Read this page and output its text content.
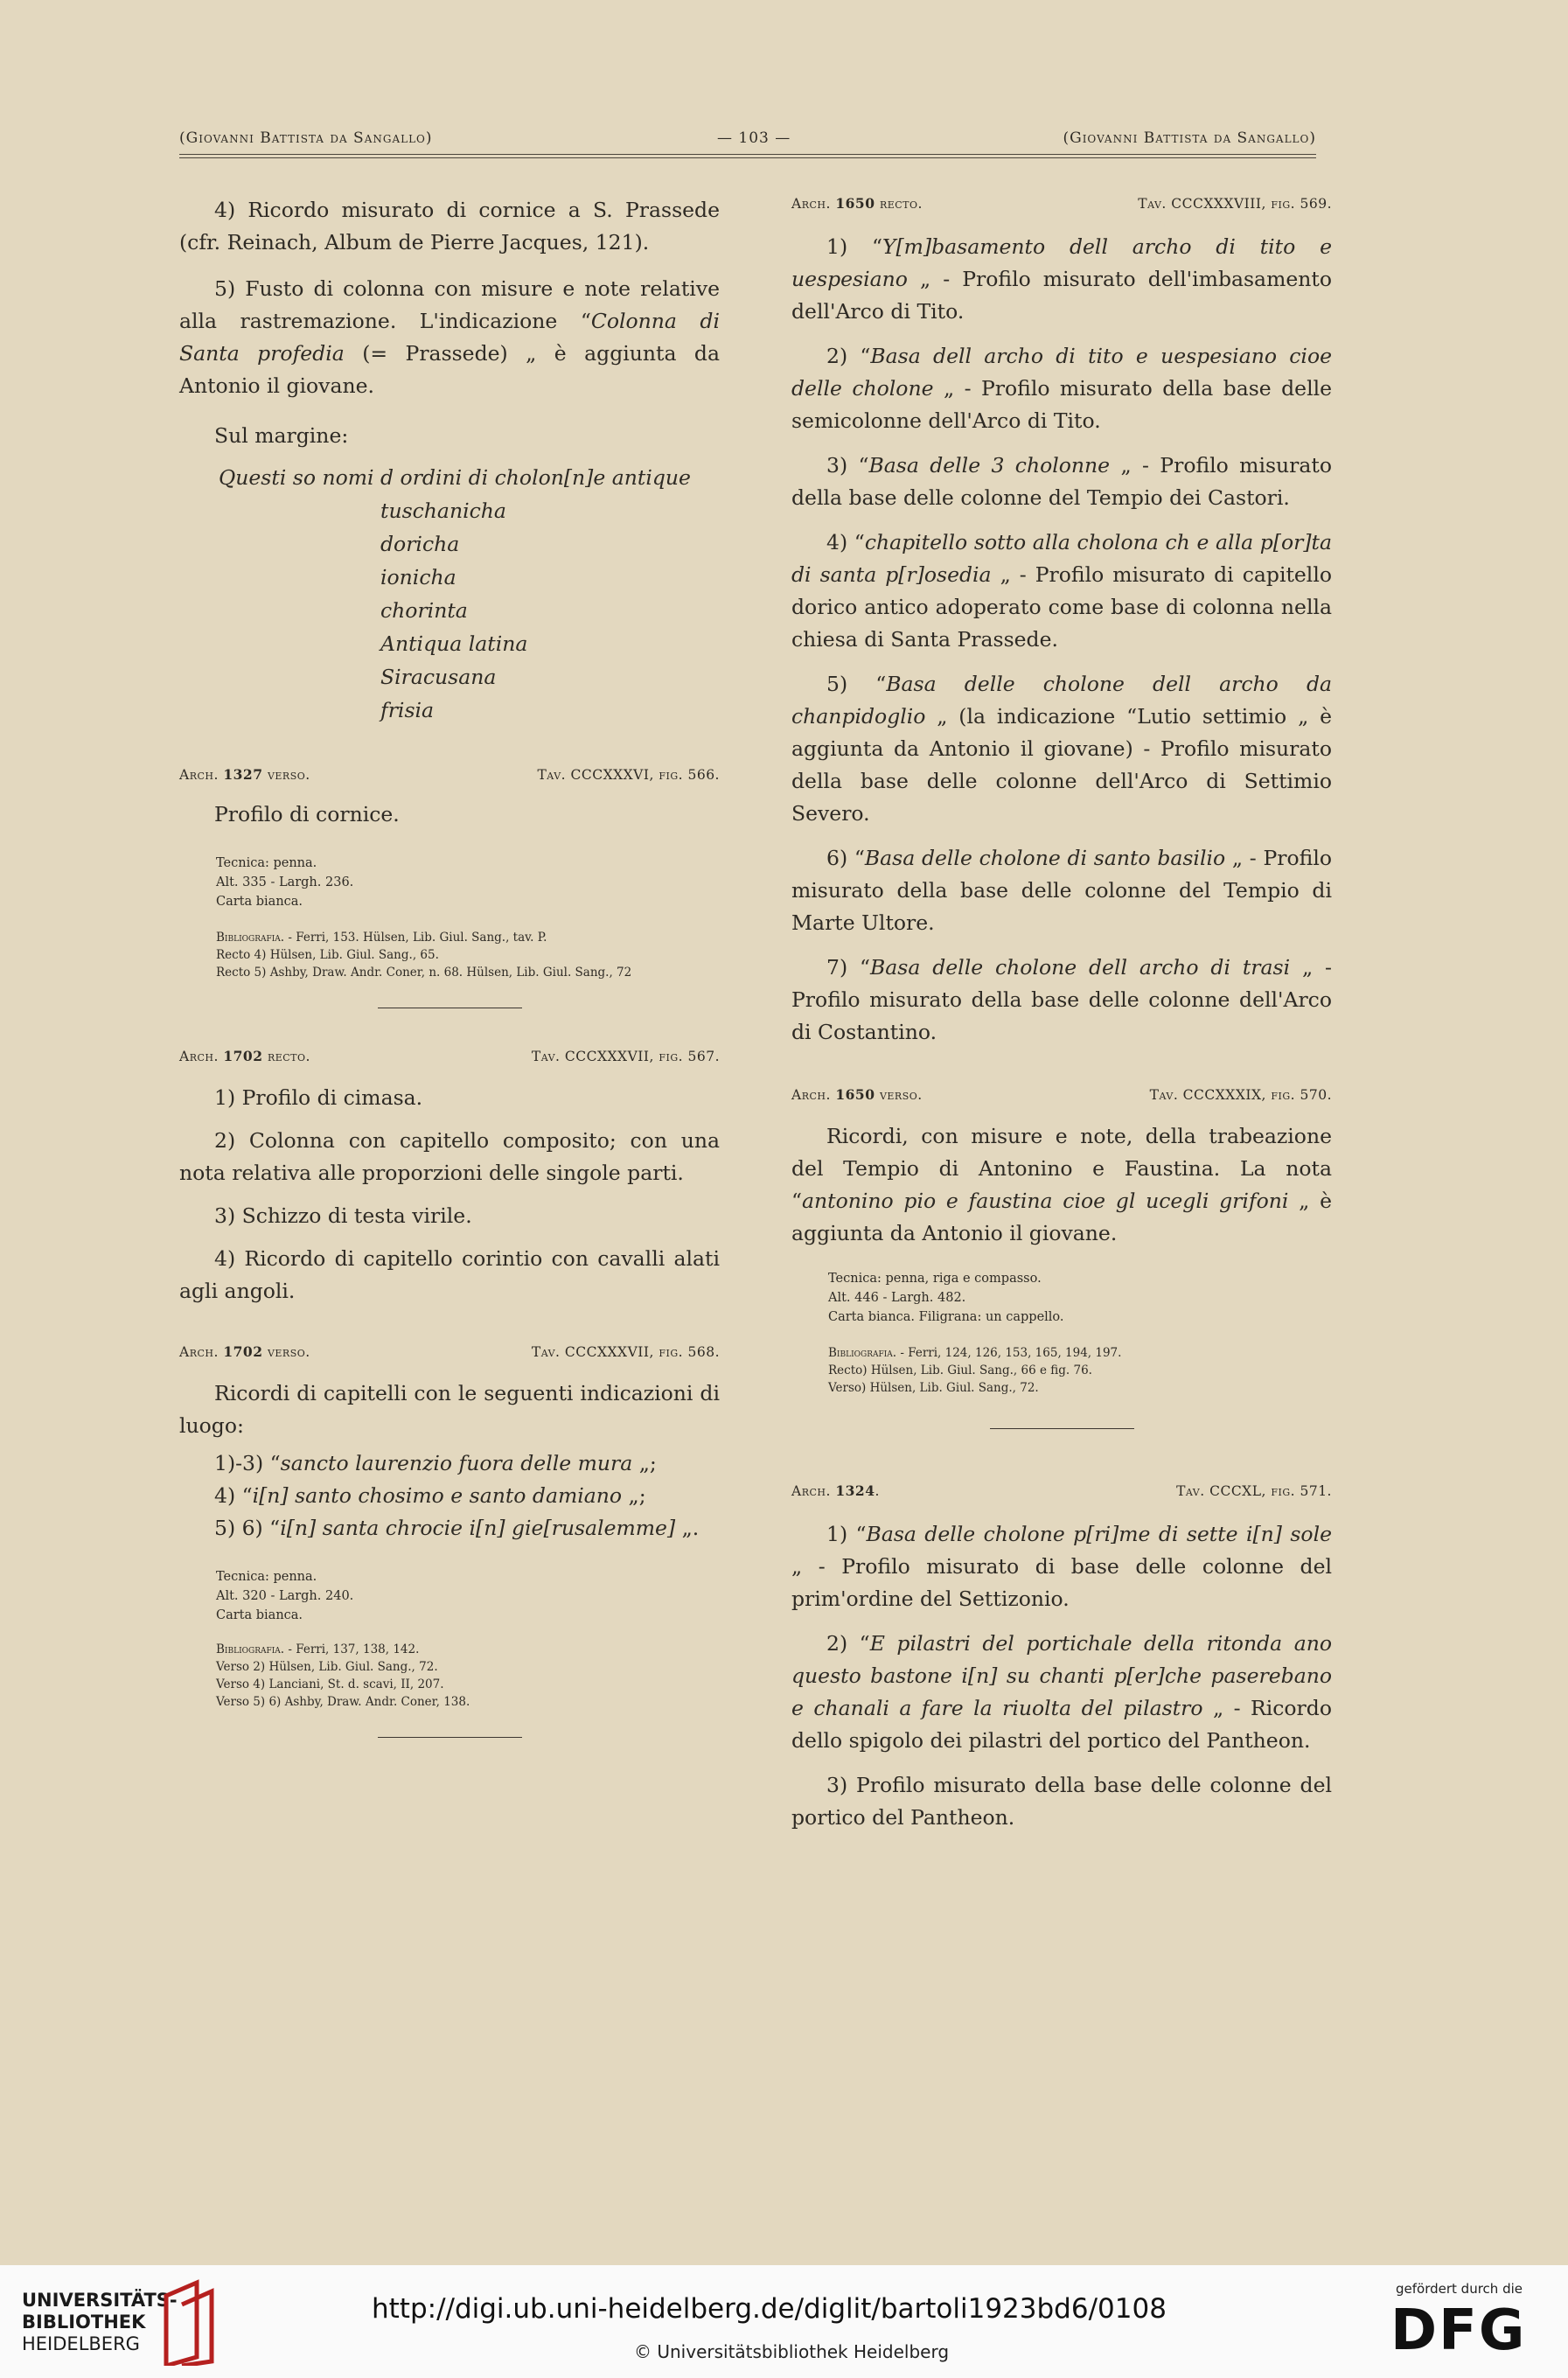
(Giovanni Battista da Sangallo)	— 103 —	(Giovanni Battista da Sangallo)

4) Ricordo misurato di cornice a S. Prassede (cfr. Reinach, Album de Pierre Jacques, 121).

5) Fusto di colonna con misure e note relative alla rastremazione. L'indicazione “Colonna di Santa profedia (= Prassede) „ è aggiunta da Antonio il giovane.

Sul margine:

Questi so nomi d ordini di cholon[n]e antique

tuschanicha

doricha

ionicha

chorinta

Antiqua latina

Siracusana

frisia

Arch. 1327 verso.	Tav. CCCXXXVI, fig. 566.

Profilo di cornice.

Tecnica: penna.

Alt. 335 - Largh. 236.

Carta bianca.

Bibliografia. - Ferri, 153. Hülsen, Lib. Giul. Sang., tav. P.

Recto 4) Hülsen, Lib. Giul. Sang., 65.

Recto 5) Ashby, Draw. Andr. Coner, n. 68. Hülsen, Lib. Giul. Sang., 72

Arch. 1702 recto.	Tav. CCCXXXVII, fig. 567.

1) Profilo di cimasa.

2) Colonna con capitello composito; con una nota relativa alle proporzioni delle singole parti.

3) Schizzo di testa virile.

4) Ricordo di capitello corintio con cavalli alati agli angoli.

Arch. 1702 verso.	Tav. CCCXXXVII, fig. 568.

Ricordi di capitelli con le seguenti indicazioni di luogo:

1)-3) “sancto laurenzio fuora delle mura „;

4) “i[n] santo chosimo e santo damiano „;

5) 6) “i[n] santa chrocie i[n] gie[rusalemme] „.

Tecnica: penna.

Alt. 320 - Largh. 240.

Carta bianca.

Bibliografia. - Ferri, 137, 138, 142.

Verso 2) Hülsen, Lib. Giul. Sang., 72.

Verso 4) Lanciani, St. d. scavi, II, 207.

Verso 5) 6) Ashby, Draw. Andr. Coner, 138.

Arch. 1650 recto.	Tav. CCCXXXVIII, fig. 569.

1) “Y[m]basamento dell archo di tito e uespesiano „ - Profilo misurato dell'imbasamento dell'Arco di Tito.

2) “Basa dell archo di tito e uespesiano cioe delle cholone „ - Profilo misurato della base delle semicolonne dell'Arco di Tito.

3) “Basa delle 3 cholonne „ - Profilo misurato della base delle colonne del Tempio dei Castori.

4) “chapitello sotto alla cholona ch e alla p[or]ta di santa p[r]osedia „ - Profilo misurato di capitello dorico antico adoperato come base di colonna nella chiesa di Santa Prassede.

5) “Basa delle cholone dell archo da chanpidoglio „ (la indicazione “Lutio settimio „ è aggiunta da Antonio il giovane) - Profilo misurato della base delle colonne dell'Arco di Settimio Severo.

6) “Basa delle cholone di santo basilio „ - Profilo misurato della base delle colonne del Tempio di Marte Ultore.

7) “Basa delle cholone dell archo di trasi „ - Profilo misurato della base delle colonne dell'Arco di Costantino.

Arch. 1650 verso.	Tav. CCCXXXIX, fig. 570.

Ricordi, con misure e note, della trabeazione del Tempio di Antonino e Faustina. La nota “antonino pio e faustina cioe gl ucegli grifoni „ è aggiunta da Antonio il giovane.

Tecnica: penna, riga e compasso.

Alt. 446 - Largh. 482.

Carta bianca. Filigrana: un cappello.

Bibliografia. - Ferri, 124, 126, 153, 165, 194, 197.

Recto) Hülsen, Lib. Giul. Sang., 66 e fig. 76.

Verso) Hülsen, Lib. Giul. Sang., 72.

Arch. 1324.	Tav. CCCXL, fig. 571.

1) “Basa delle cholone p[ri]me di sette i[n] sole „ - Profilo misurato di base delle colonne del prim'ordine del Settizonio.

2) “E pilastri del portichale della ritonda ano questo bastone i[n] su chanti p[er]che paserebano e chanali a fare la riuolta del pilastro „ - Ricordo dello spigolo dei pilastri del portico del Pantheon.

3) Profilo misurato della base delle colonne del portico del Pantheon.

UNIVERSITÄTS-
BIBLIOTHEK
HEIDELBERG
http://digi.ub.uni-heidelberg.de/diglit/bartoli1923bd6/0108
© Universitätsbibliothek Heidelberg
gefördert durch die
DFG
